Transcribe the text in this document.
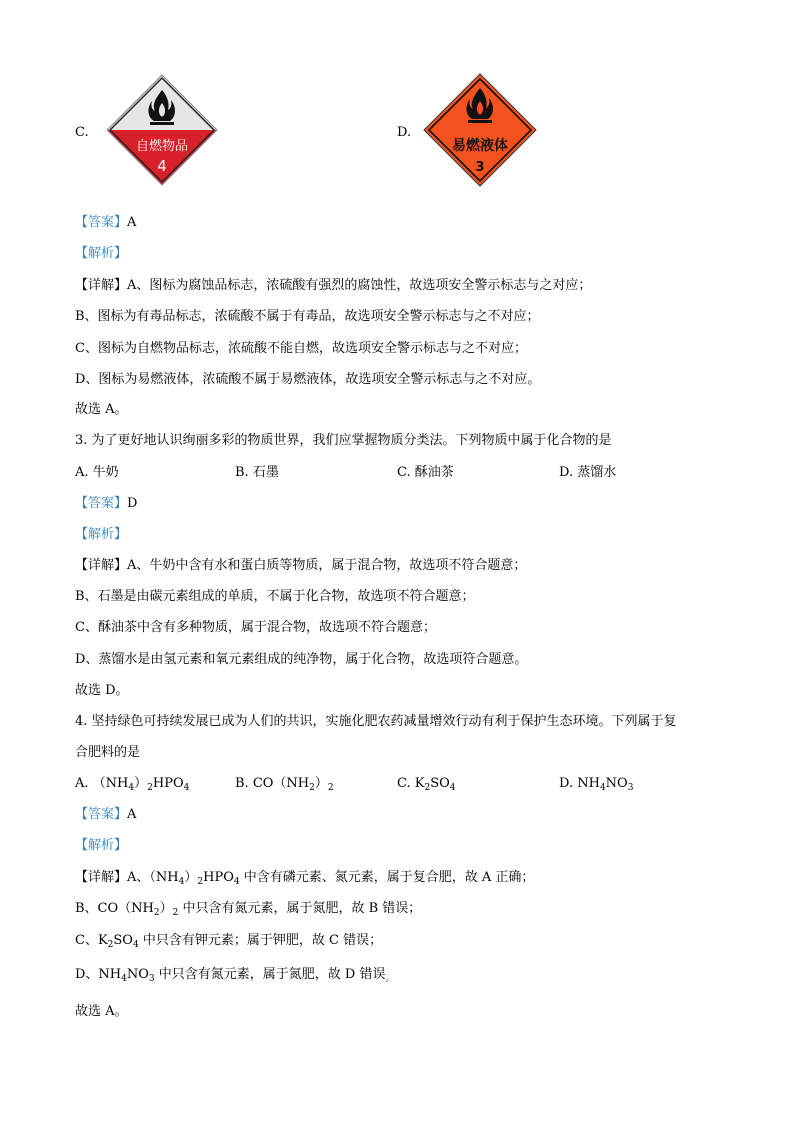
C.
自燃物品
4
D.
易燃液体
3
【答案】A
【解析】
【详解】A、图标为腐蚀品标志，浓硫酸有强烈的腐蚀性，故选项安全警示标志与之对应；
B、图标为有毒品标志，浓硫酸不属于有毒品，故选项安全警示标志与之不对应；
C、图标为自燃物品标志，浓硫酸不能自燃，故选项安全警示标志与之不对应；
D、图标为易燃液体，浓硫酸不属于易燃液体，故选项安全警示标志与之不对应。
故选 A。
3. 为了更好地认识绚丽多彩的物质世界，我们应掌握物质分类法。下列物质中属于化合物的是
A. 牛奶	B. 石墨	C. 酥油茶	D. 蒸馏水
【答案】D
【解析】
【详解】A、牛奶中含有水和蛋白质等物质，属于混合物，故选项不符合题意；
B、石墨是由碳元素组成的单质，不属于化合物，故选项不符合题意；
C、酥油茶中含有多种物质，属于混合物，故选项不符合题意；
D、蒸馏水是由氢元素和氧元素组成的纯净物，属于化合物，故选项符合题意。
故选 D。
4. 坚持绿色可持续发展已成为人们的共识，实施化肥农药减量增效行动有利于保护生态环境。下列属于复
合肥料的是
A. $(NH_4)_2HPO_4$	B. $CO(NH_2)_2$	C. $K_2SO_4$	D. $NH_4NO_3$
【答案】A
【解析】
【详解】A、$(NH_4)_2HPO_4$ 中含有磷元素、氮元素，属于复合肥，故 A 正确；
B、$CO(NH_2)_2$ 中只含有氮元素，属于氮肥，故 B 错误；
C、$K_2SO_4$ 中只含有钾元素；属于钾肥，故 C 错误；
D、$NH_4NO_3$ 中只含有氮元素，属于氮肥，故 D 错误$_。$
故选 A。
